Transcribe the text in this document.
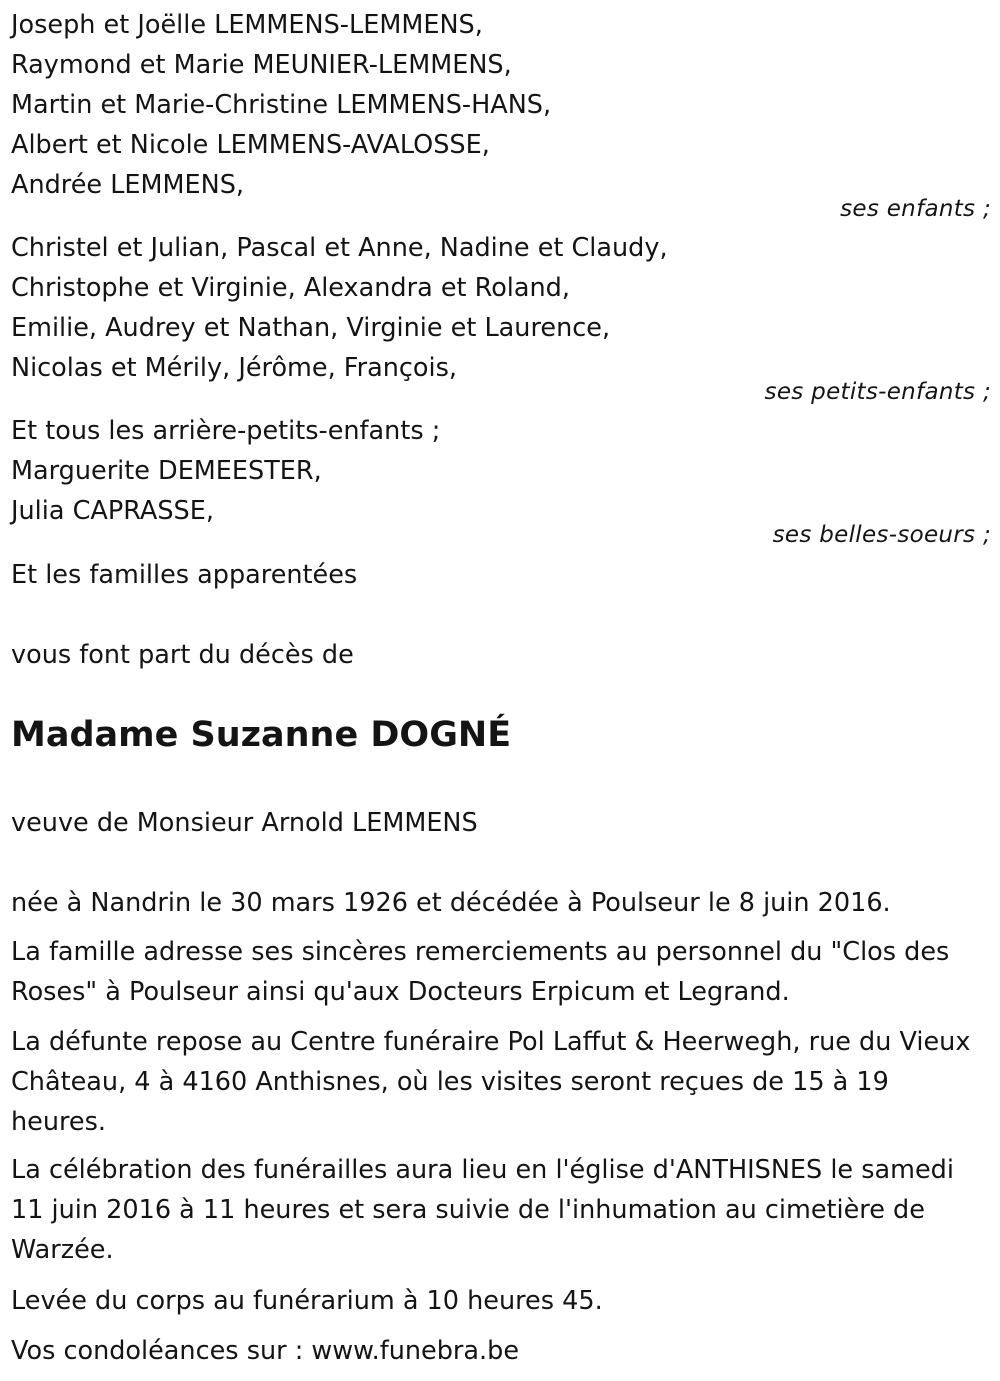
Joseph et Joëlle LEMMENS-LEMMENS,
Raymond et Marie MEUNIER-LEMMENS,
Martin et Marie-Christine LEMMENS-HANS,
Albert et Nicole LEMMENS-AVALOSSE,
Andrée LEMMENS,
ses enfants ;
Christel et Julian, Pascal et Anne, Nadine et Claudy,
Christophe et Virginie, Alexandra et Roland,
Emilie, Audrey et Nathan, Virginie et Laurence,
Nicolas et Mérily, Jérôme, François,
ses petits-enfants ;
Et tous les arrière-petits-enfants ;
Marguerite DEMEESTER,
Julia CAPRASSE,
ses belles-soeurs ;
Et les familles apparentées
vous font part du décès de
Madame Suzanne DOGNÉ
veuve de Monsieur Arnold LEMMENS
née à Nandrin le 30 mars 1926 et décédée à Poulseur le 8 juin 2016.
La famille adresse ses sincères remerciements au personnel du "Clos des Roses" à Poulseur ainsi qu'aux Docteurs Erpicum et Legrand.
La défunte repose au Centre funéraire Pol Laffut & Heerwegh, rue du Vieux Château, 4 à 4160 Anthisnes, où les visites seront reçues de 15 à 19 heures.
La célébration des funérailles aura lieu en l'église d'ANTHISNES le samedi 11 juin 2016 à 11 heures et sera suivie de l'inhumation au cimetière de Warzée.
Levée du corps au funérarium à 10 heures 45.
Vos condoléances sur : www.funebra.be
